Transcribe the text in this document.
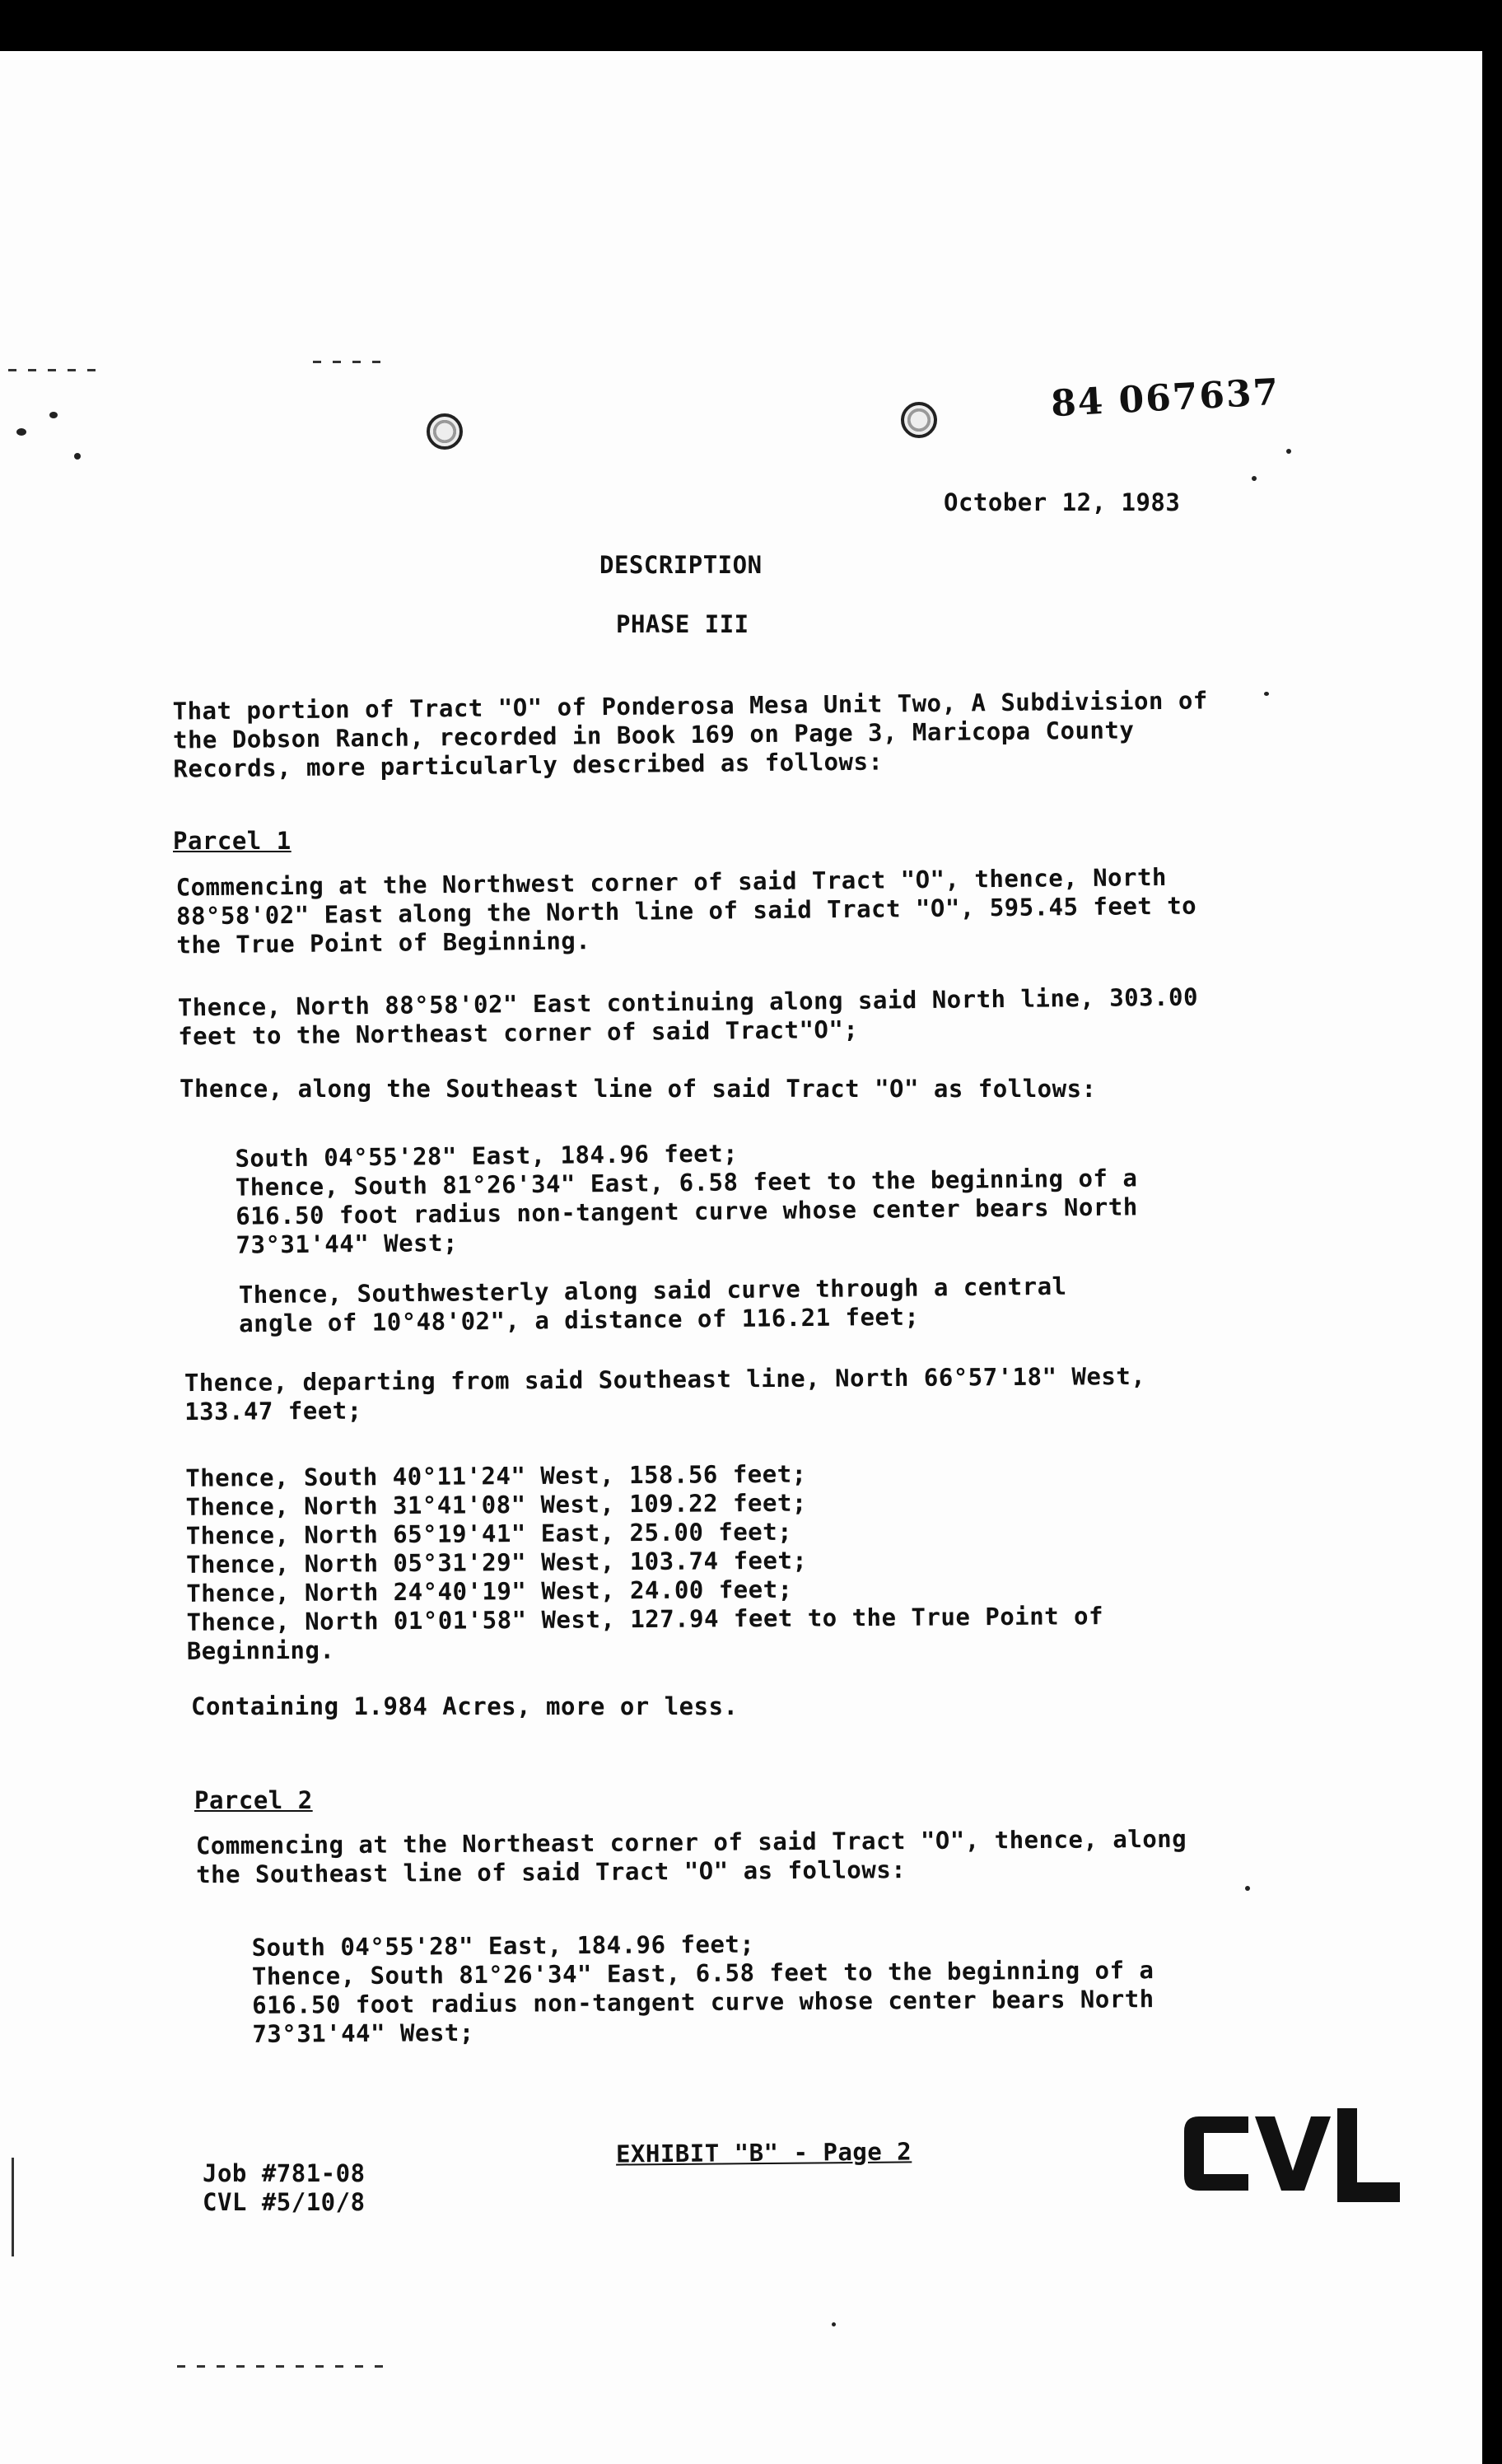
84 067637
October 12, 1983
DESCRIPTION
PHASE III
That portion of Tract "O" of Ponderosa Mesa Unit Two, A Subdivision of
the Dobson Ranch, recorded in Book 169 on Page 3, Maricopa County
Records, more particularly described as follows:
Parcel 1
Commencing at the Northwest corner of said Tract "O", thence, North
88°58'02" East along the North line of said Tract "O", 595.45 feet to
the True Point of Beginning.
Thence, North 88°58'02" East continuing along said North line, 303.00
feet to the Northeast corner of said Tract"O";
Thence, along the Southeast line of said Tract "O" as follows:
South 04°55'28" East, 184.96 feet;
Thence, South 81°26'34" East, 6.58 feet to the beginning of a
616.50 foot radius non-tangent curve whose center bears North
73°31'44" West;
Thence, Southwesterly along said curve through a central
angle of 10°48'02", a distance of 116.21 feet;
Thence, departing from said Southeast line, North 66°57'18" West,
133.47 feet;
Thence, South 40°11'24" West, 158.56 feet;
Thence, North 31°41'08" West, 109.22 feet;
Thence, North 65°19'41" East, 25.00 feet;
Thence, North 05°31'29" West, 103.74 feet;
Thence, North 24°40'19" West, 24.00 feet;
Thence, North 01°01'58" West, 127.94 feet to the True Point of
Beginning.
Containing 1.984 Acres, more or less.
Parcel 2
Commencing at the Northeast corner of said Tract "O", thence, along
the Southeast line of said Tract "O" as follows:
South 04°55'28" East, 184.96 feet;
Thence, South 81°26'34" East, 6.58 feet to the beginning of a
616.50 foot radius non-tangent curve whose center bears North
73°31'44" West;
Job #781-08
CVL #5/10/8
EXHIBIT "B" - Page 2
